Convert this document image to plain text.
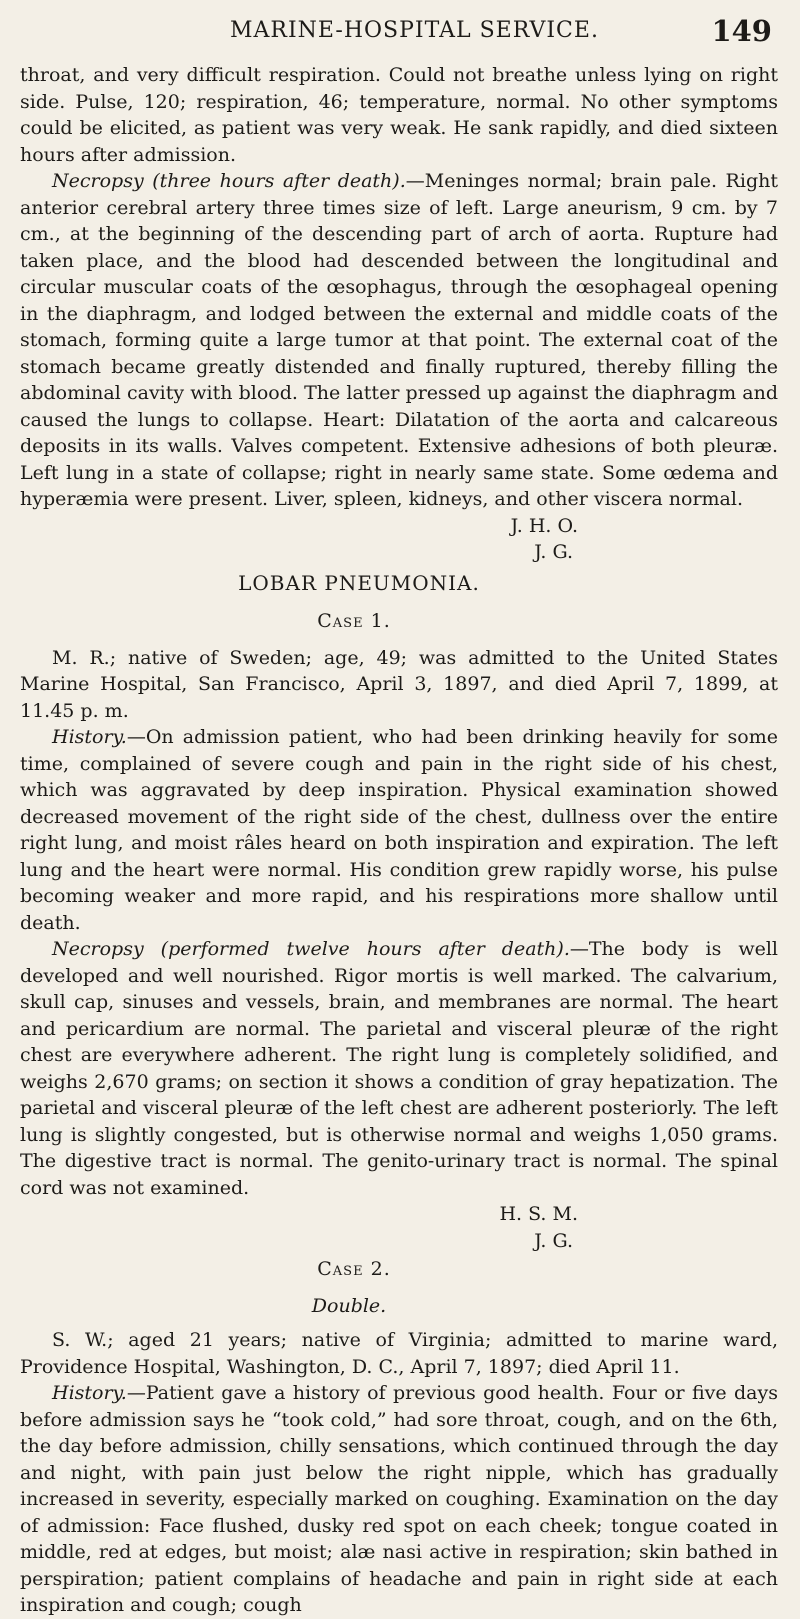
MARINE-HOSPITAL SERVICE.	149

throat, and very difficult respiration. Could not breathe unless lying on right side. Pulse, 120; respiration, 46; temperature, normal. No other symptoms could be elicited, as patient was very weak. He sank rapidly, and died sixteen hours after admission.

Necropsy (three hours after death).—Meninges normal; brain pale. Right anterior cerebral artery three times size of left. Large aneurism, 9 cm. by 7 cm., at the beginning of the descending part of arch of aorta. Rupture had taken place, and the blood had descended between the longitudinal and circular muscular coats of the œsophagus, through the œsophageal opening in the diaphragm, and lodged between the external and middle coats of the stomach, forming quite a large tumor at that point. The external coat of the stomach became greatly distended and finally ruptured, thereby filling the abdominal cavity with blood. The latter pressed up against the diaphragm and caused the lungs to collapse. Heart: Dilatation of the aorta and calcareous deposits in its walls. Valves competent. Extensive adhesions of both pleuræ. Left lung in a state of collapse; right in nearly same state. Some œdema and hyperæmia were present. Liver, spleen, kidneys, and other viscera normal.

J. H. O.

J. G.

LOBAR PNEUMONIA.

Case 1.

M. R.; native of Sweden; age, 49; was admitted to the United States Marine Hospital, San Francisco, April 3, 1897, and died April 7, 1899, at 11.45 p. m.

History.—On admission patient, who had been drinking heavily for some time, complained of severe cough and pain in the right side of his chest, which was aggravated by deep inspiration. Physical examination showed decreased movement of the right side of the chest, dullness over the entire right lung, and moist râles heard on both inspiration and expiration. The left lung and the heart were normal. His condition grew rapidly worse, his pulse becoming weaker and more rapid, and his respirations more shallow until death.

Necropsy (performed twelve hours after death).—The body is well developed and well nourished. Rigor mortis is well marked. The calvarium, skull cap, sinuses and vessels, brain, and membranes are normal. The heart and pericardium are normal. The parietal and visceral pleuræ of the right chest are everywhere adherent. The right lung is completely solidified, and weighs 2,670 grams; on section it shows a condition of gray hepatization. The parietal and visceral pleuræ of the left chest are adherent posteriorly. The left lung is slightly congested, but is otherwise normal and weighs 1,050 grams. The digestive tract is normal. The genito-urinary tract is normal. The spinal cord was not examined.

H. S. M.

J. G.

Case 2.

Double.

S. W.; aged 21 years; native of Virginia; admitted to marine ward, Providence Hospital, Washington, D. C., April 7, 1897; died April 11.

History.—Patient gave a history of previous good health. Four or five days before admission says he “took cold,” had sore throat, cough, and on the 6th, the day before admission, chilly sensations, which continued through the day and night, with pain just below the right nipple, which has gradually increased in severity, especially marked on coughing. Examination on the day of admission: Face flushed, dusky red spot on each cheek; tongue coated in middle, red at edges, but moist; alæ nasi active in respiration; skin bathed in perspiration; patient complains of headache and pain in right side at each inspiration and cough; cough
